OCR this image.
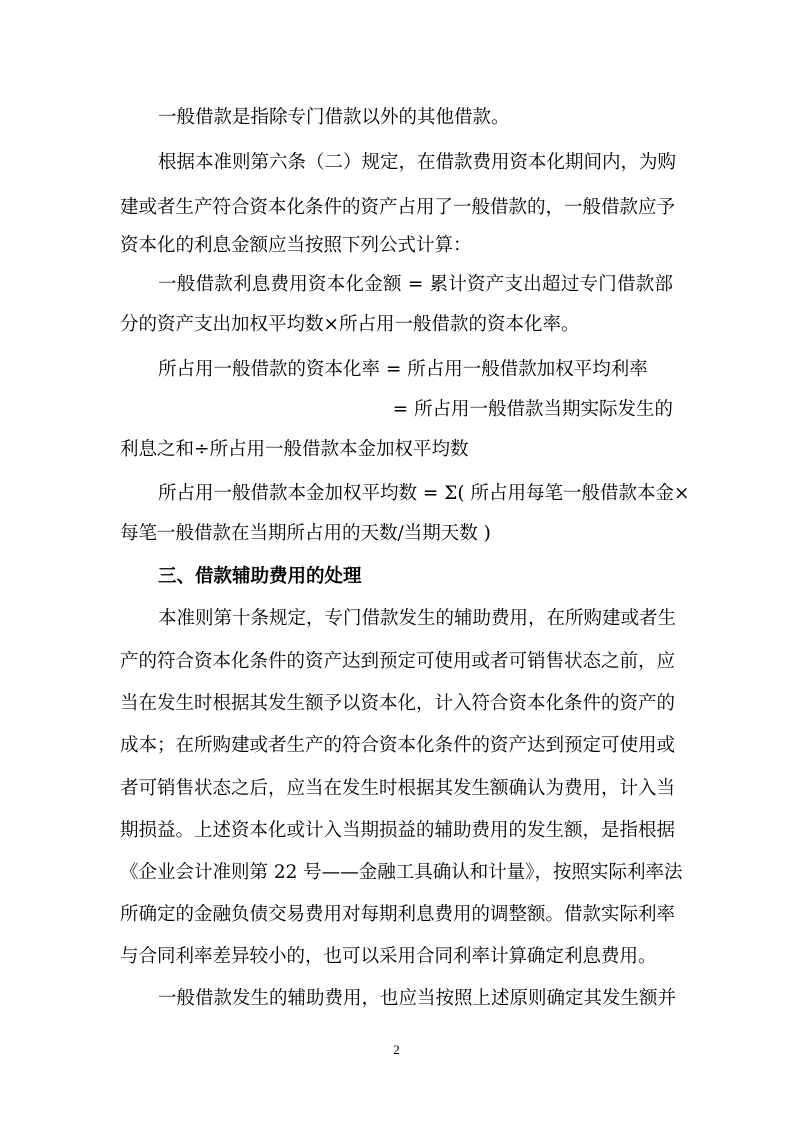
一般借款是指除专门借款以外的其他借款。
根据本准则第六条（二）规定，在借款费用资本化期间内，为购
建或者生产符合资本化条件的资产占用了一般借款的，一般借款应予
资本化的利息金额应当按照下列公式计算：
一般借款利息费用资本化金额 = 累计资产支出超过专门借款部
分的资产支出加权平均数×所占用一般借款的资本化率。
所占用一般借款的资本化率 = 所占用一般借款加权平均利率
= 所占用一般借款当期实际发生的
利息之和÷所占用一般借款本金加权平均数
所占用一般借款本金加权平均数 = Σ( 所占用每笔一般借款本金×
每笔一般借款在当期所占用的天数/当期天数 )
三、借款辅助费用的处理
本准则第十条规定，专门借款发生的辅助费用，在所购建或者生
产的符合资本化条件的资产达到预定可使用或者可销售状态之前，应
当在发生时根据其发生额予以资本化，计入符合资本化条件的资产的
成本；在所购建或者生产的符合资本化条件的资产达到预定可使用或
者可销售状态之后，应当在发生时根据其发生额确认为费用，计入当
期损益。上述资本化或计入当期损益的辅助费用的发生额，是指根据
《企业会计准则第 22 号——金融工具确认和计量》，按照实际利率法
所确定的金融负债交易费用对每期利息费用的调整额。借款实际利率
与合同利率差异较小的，也可以采用合同利率计算确定利息费用。
一般借款发生的辅助费用，也应当按照上述原则确定其发生额并
2
